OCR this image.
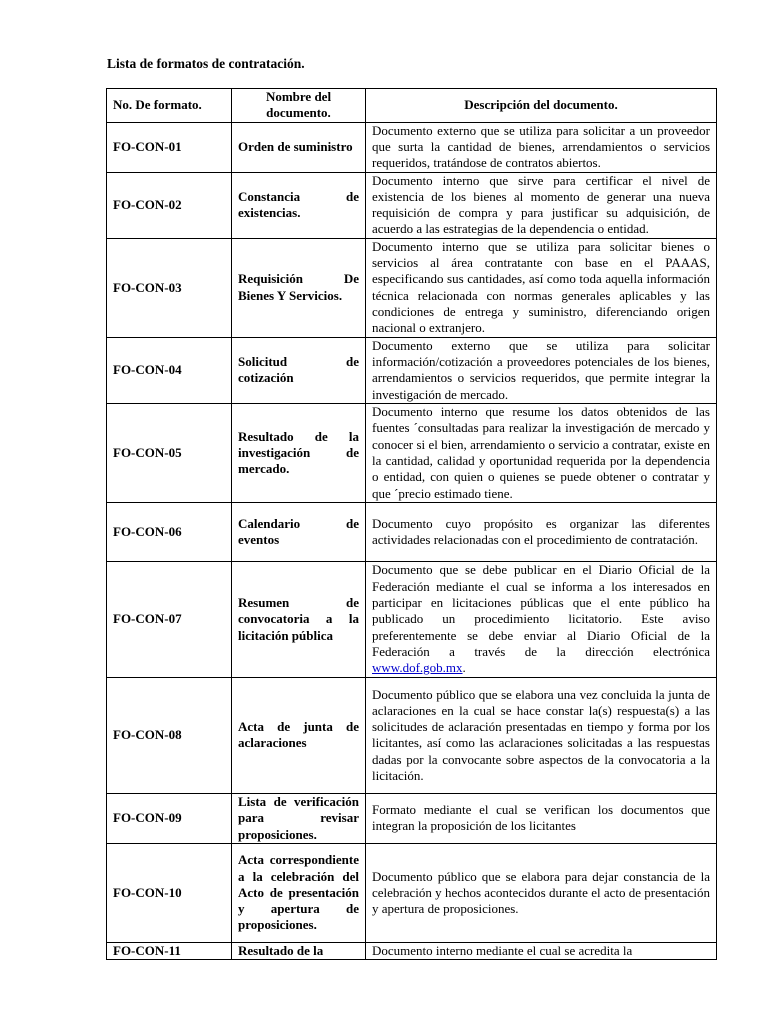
Lista de formatos de contratación.

No. De formato.	Nombre del documento.	Descripción del documento.
FO-CON-01	Orden de suministro	Documento externo que se utiliza para solicitar a un proveedor que surta la cantidad de bienes, arrendamientos o servicios requeridos, tratándose de contratos abiertos.
FO-CON-02	Constancia de existencias.	Documento interno que sirve para certificar el nivel de existencia de los bienes al momento de generar una nueva requisición de compra y para justificar su adquisición, de acuerdo a las estrategias de la dependencia o entidad.
FO-CON-03	Requisición De Bienes Y Servicios.	Documento interno que se utiliza para solicitar bienes o servicios al área contratante con base en el PAAAS, especificando sus cantidades, así como toda aquella información técnica relacionada con normas generales aplicables y las condiciones de entrega y suministro, diferenciando origen nacional o extranjero.
FO-CON-04	Solicitud de cotización	Documento externo que se utiliza para solicitar información/cotización a proveedores potenciales de los bienes, arrendamientos o servicios requeridos, que permite integrar la investigación de mercado.
FO-CON-05	Resultado de la investigación de mercado.	Documento interno que resume los datos obtenidos de las fuentes ´consultadas para realizar la investigación de mercado y conocer si el bien, arrendamiento o servicio a contratar, existe en la cantidad, calidad y oportunidad requerida por la dependencia o entidad, con quien o quienes se puede obtener o contratar y que ´precio estimado tiene.
FO-CON-06	Calendario de eventos	Documento cuyo propósito es organizar las diferentes actividades relacionadas con el procedimiento de contratación.
FO-CON-07	Resumen de convocatoria a la licitación pública	Documento que se debe publicar en el Diario Oficial de la Federación mediante el cual se informa a los interesados en participar en licitaciones públicas que el ente público ha publicado un procedimiento licitatorio. Este aviso preferentemente se debe enviar al Diario Oficial de la Federación a través de la dirección electrónica www.dof.gob.mx.
FO-CON-08	Acta de junta de aclaraciones	Documento público que se elabora una vez concluida la junta de aclaraciones en la cual se hace constar la(s) respuesta(s) a las solicitudes de aclaración presentadas en tiempo y forma por los licitantes, así como las aclaraciones solicitadas a las respuestas dadas por la convocante sobre aspectos de la convocatoria a la licitación.
FO-CON-09	Lista de verificación para revisar proposiciones.	Formato mediante el cual se verifican los documentos que integran la proposición de los licitantes
FO-CON-10	Acta correspondiente a la celebración del Acto de presentación y apertura de proposiciones.	Documento público que se elabora para dejar constancia de la celebración y hechos acontecidos durante el acto de presentación y apertura de proposiciones.
FO-CON-11	Resultado de la	Documento interno mediante el cual se acredita la
